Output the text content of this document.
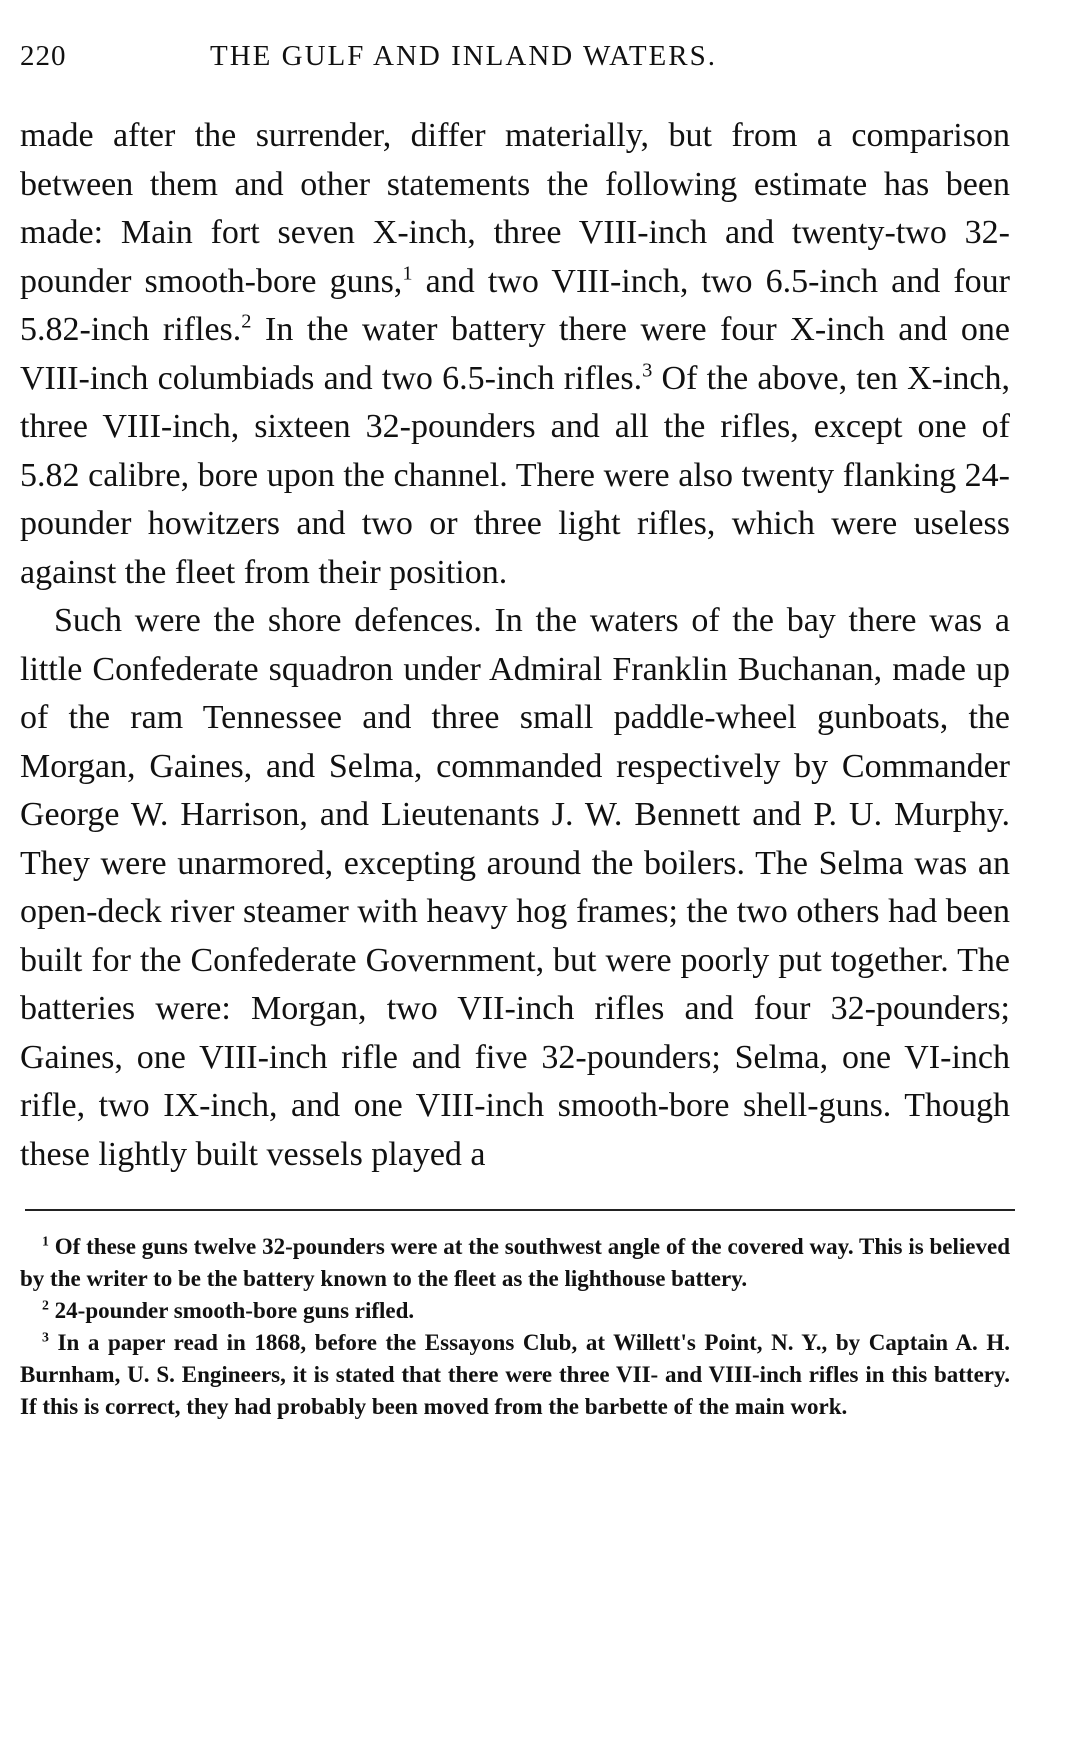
220	THE GULF AND INLAND WATERS.

made after the surrender, differ materially, but from a comparison between them and other statements the following estimate has been made: Main fort seven X-inch, three VIII-inch and twenty-two 32-pounder smooth-bore guns,$^1$ and two VIII-inch, two 6.5-inch and four 5.82-inch rifles.$^2$ In the water battery there were four X-inch and one VIII-inch columbiads and two 6.5-inch rifles.$^3$ Of the above, ten X-inch, three VIII-inch, sixteen 32-pounders and all the rifles, except one of 5.82 calibre, bore upon the channel. There were also twenty flanking 24-pounder howitzers and two or three light rifles, which were useless against the fleet from their position.

Such were the shore defences. In the waters of the bay there was a little Confederate squadron under Admiral Franklin Buchanan, made up of the ram Tennessee and three small paddle-wheel gunboats, the Morgan, Gaines, and Selma, commanded respectively by Commander George W. Harrison, and Lieutenants J. W. Bennett and P. U. Murphy. They were unarmored, excepting around the boilers. The Selma was an open-deck river steamer with heavy hog frames; the two others had been built for the Confederate Government, but were poorly put together. The batteries were: Morgan, two VII-inch rifles and four 32-pounders; Gaines, one VIII-inch rifle and five 32-pounders; Selma, one VI-inch rifle, two IX-inch, and one VIII-inch smooth-bore shell-guns. Though these lightly built vessels played a

$^1$ Of these guns twelve 32-pounders were at the southwest angle of the covered way. This is believed by the writer to be the battery known to the fleet as the lighthouse battery.

$^2$ 24-pounder smooth-bore guns rifled.

$^3$ In a paper read in 1868, before the Essayons Club, at Willett's Point, N. Y., by Captain A. H. Burnham, U. S. Engineers, it is stated that there were three VII- and VIII-inch rifles in this battery. If this is correct, they had probably been moved from the barbette of the main work.
